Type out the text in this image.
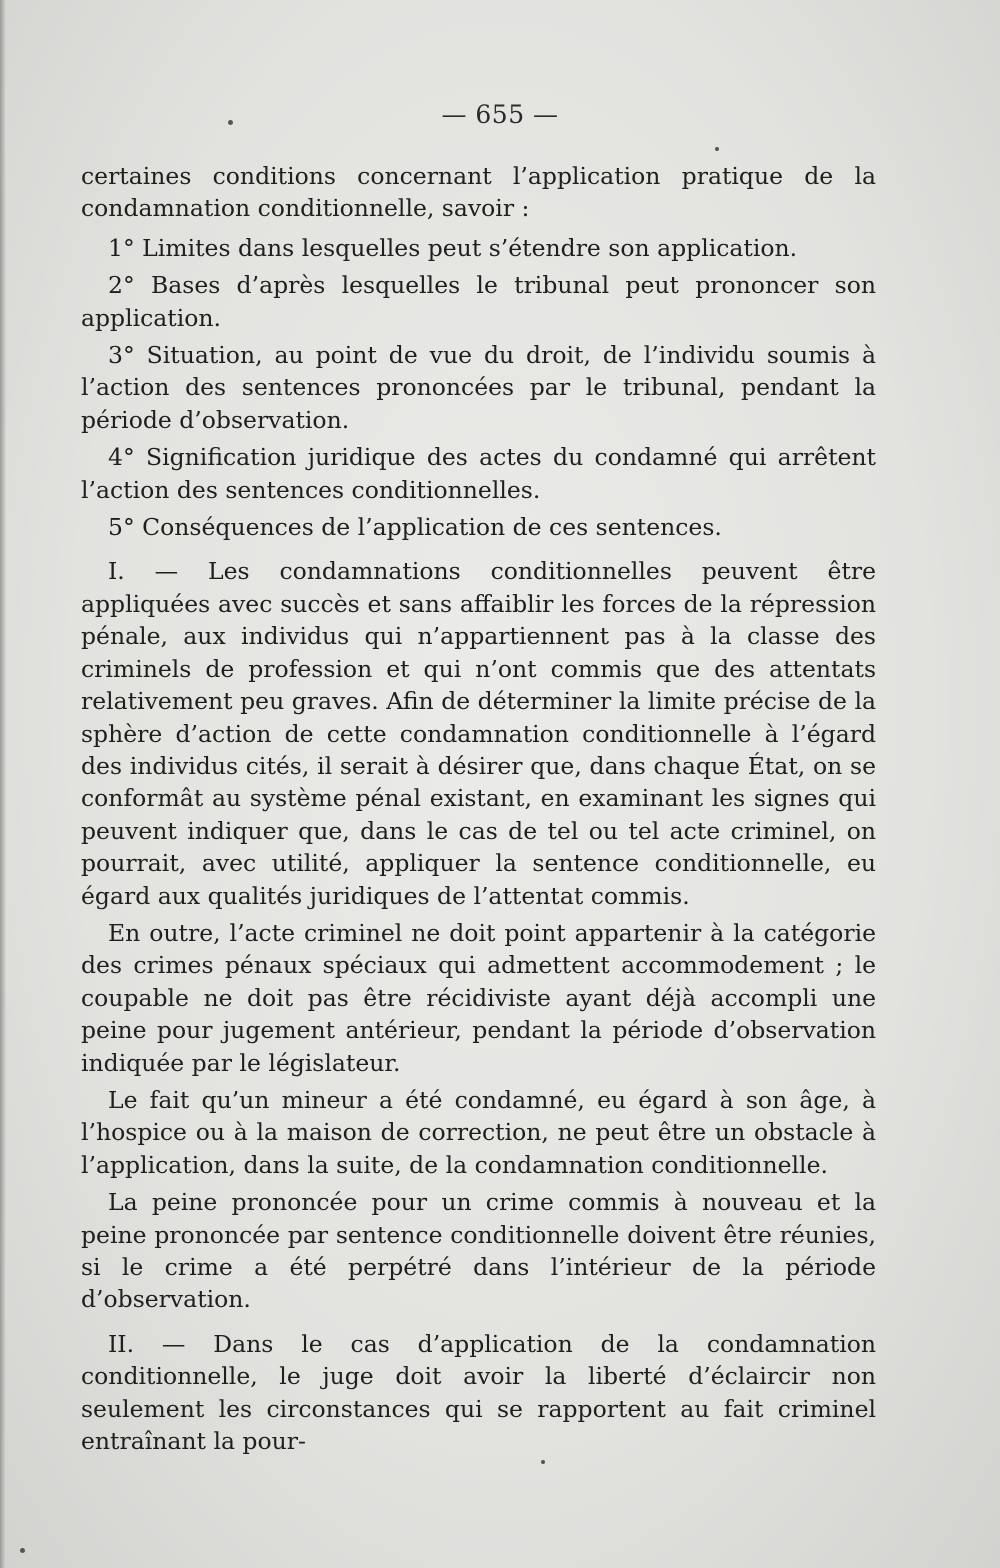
— 655 —

certaines conditions concernant l’application pratique de la condamnation conditionnelle, savoir :

1° Limites dans lesquelles peut s’étendre son application.

2° Bases d’après lesquelles le tribunal peut prononcer son application.

3° Situation, au point de vue du droit, de l’individu soumis à l’action des sentences prononcées par le tribunal, pendant la période d’observation.

4° Signification juridique des actes du condamné qui arrêtent l’action des sentences conditionnelles.

5° Conséquences de l’application de ces sentences.

I. — Les condamnations conditionnelles peuvent être appliquées avec succès et sans affaiblir les forces de la répression pénale, aux individus qui n’appartiennent pas à la classe des criminels de profession et qui n’ont commis que des attentats relativement peu graves. Afin de déterminer la limite précise de la sphère d’action de cette condamnation conditionnelle à l’égard des individus cités, il serait à désirer que, dans chaque État, on se conformât au système pénal existant, en examinant les signes qui peuvent indiquer que, dans le cas de tel ou tel acte criminel, on pourrait, avec utilité, appliquer la sentence conditionnelle, eu égard aux qualités juridiques de l’attentat commis.

En outre, l’acte criminel ne doit point appartenir à la catégorie des crimes pénaux spéciaux qui admettent accommodement ; le coupable ne doit pas être récidiviste ayant déjà accompli une peine pour jugement antérieur, pendant la période d’observation indiquée par le législateur.

Le fait qu’un mineur a été condamné, eu égard à son âge, à l’hospice ou à la maison de correction, ne peut être un obstacle à l’application, dans la suite, de la condamnation conditionnelle.

La peine prononcée pour un crime commis à nouveau et la peine prononcée par sentence conditionnelle doivent être réunies, si le crime a été perpétré dans l’intérieur de la période d’observation.

II. — Dans le cas d’application de la condamnation conditionnelle, le juge doit avoir la liberté d’éclaircir non seulement les circonstances qui se rapportent au fait criminel entraînant la pour-
